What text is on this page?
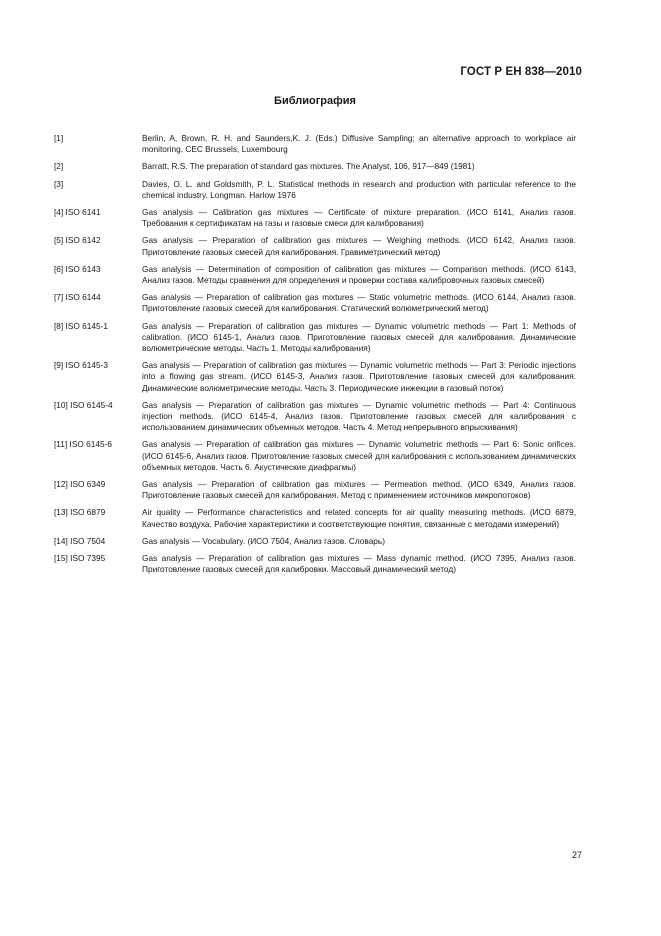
ГОСТ Р ЕН 838—2010
Библиография
[1]	Berlin, A, Brown, R. H. and Saunders,K. J. (Eds.) Diffusive Sampling; an alternative approach to workplace air monitoring. CEC Brussels, Luxembourg
[2]	Barratt, R.S. The preparation of standard gas mixtures. The Analyst, 106, 917—849 (1981)
[3]	Davies, O. L. and Goldsmith, P. L. Statistical methods in research and production with particular reference to the chemical industry. Longman. Harlow 1976
[4] ISO 6141	Gas analysis — Calibration gas mixtures — Certificate of mixture preparation. (ИСО 6141, Анализ газов. Требования к сертификатам на газы и газовые смеси для калибрования)
[5] ISO 6142	Gas analysis — Preparation of calibration gas mixtures — Weighing methods. (ИСО 6142, Анализ газов. Приготовление газовых смесей для калибрования. Гравиметрический метод)
[6] ISO 6143	Gas analysis — Determination of composition of calibration gas mixtures — Comparison methods. (ИСО 6143, Анализ газов. Методы сравнения для определения и проверки состава калибровочных газовых смесей)
[7] ISO 6144	Gas analysis — Preparation of calibration gas mixtures — Static volumetric methods. (ИСО 6144, Анализ газов. Приготовление газовых смесей для калибрования. Статический волюметрический метод)
[8] ISO 6145-1	Gas analysis — Preparation of calibration gas mixtures — Dynamic volumetric methods — Part 1: Methods of calibration. (ИСО 6145-1, Анализ газов. Приготовление газовых смесей для калибрования. Динамические волюметрические методы. Часть 1. Методы калибрования)
[9] ISO 6145-3	Gas analysis — Preparation of calibration gas mixtures — Dynamic volumetric methods — Part 3: Periodic injections into a flowing gas stream. (ИСО 6145-3, Анализ газов. Приготовление газовых смесей для калибрования. Динамические волюметрические методы. Часть 3. Периодические инжекции в газовый поток)
[10] ISO 6145-4	Gas analysis — Preparation of calibration gas mixtures — Dynamic volumetric methods — Part 4: Continuous injection methods. (ИСО 6145-4, Анализ газов. Приготовление газовых смесей для калибрования с использованием динамических объемных методов. Часть 4. Метод непрерывного впрыскивания)
[11] ISO 6145-6	Gas analysis — Preparation of calibration gas mixtures — Dynamic volumetric methods — Part 6: Sonic orifices. (ИСО 6145-6, Анализ газов. Приготовление газовых смесей для калибрования с использованием динамических объемных методов. Часть 6. Акустические диафрагмы)
[12] ISO 6349	Gas analysis — Preparation of calibration gas mixtures — Permeation method. (ИСО 6349, Анализ газов. Приготовление газовых смесей для калибрования. Метод с применением источников микропотоков)
[13] ISO 6879	Air quality — Performance characteristics and related concepts for air quality measuring methods. (ИСО 6879, Качество воздуха. Рабочие характеристики и соответствующие понятия, связанные с методами измерений)
[14] ISO 7504	Gas analysis — Vocabulary. (ИСО 7504, Анализ газов. Словарь)
[15] ISO 7395	Gas analysis — Preparation of calibration gas mixtures — Mass dynamic method. (ИСО 7395, Анализ газов. Приготовление газовых смесей для калибровки. Массовый динамический метод)
27
